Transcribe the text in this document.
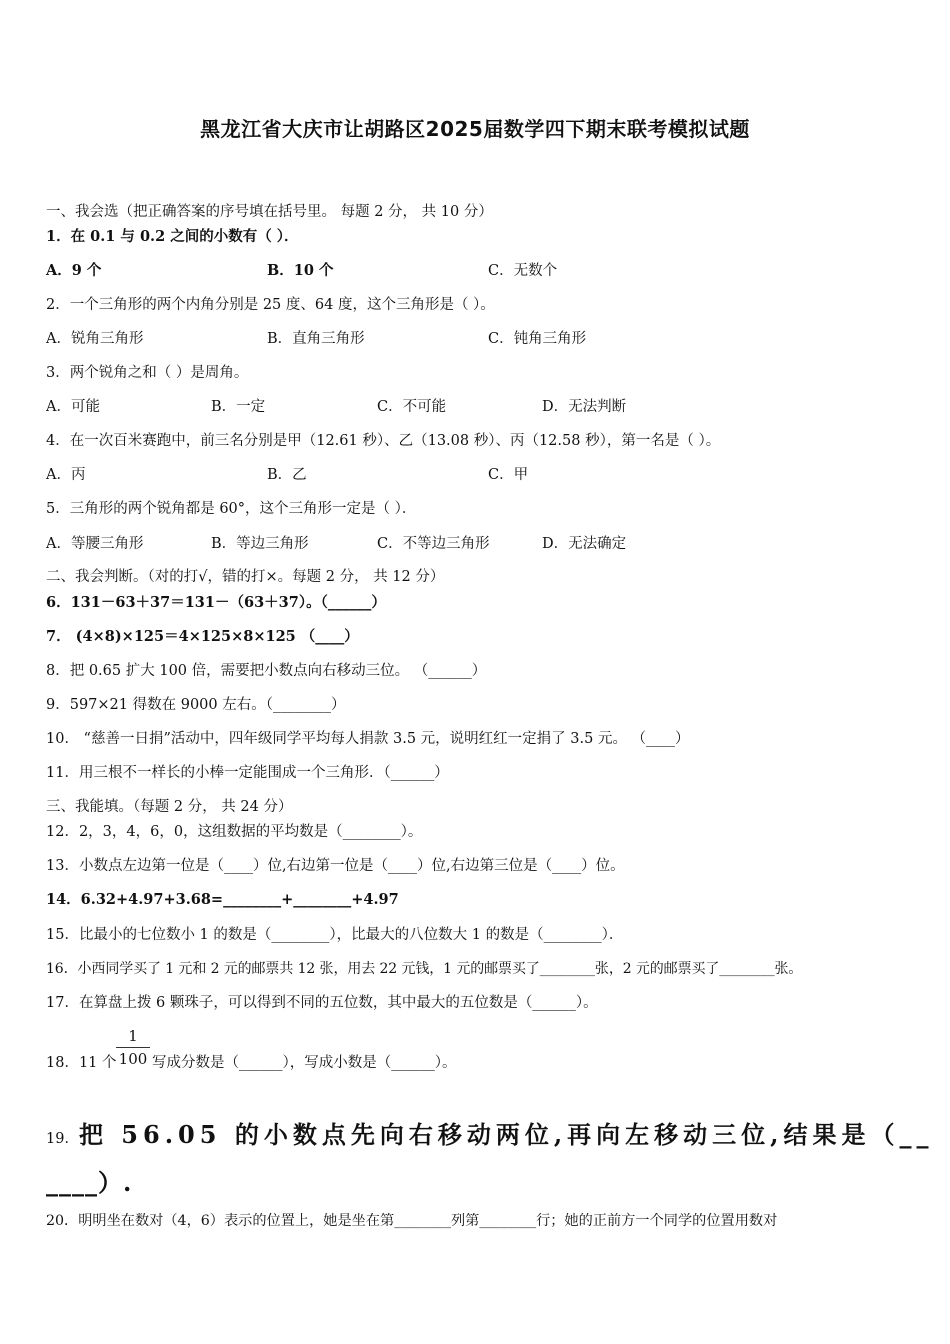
黑龙江省大庆市让胡路区2025届数学四下期末联考模拟试题
一、我会选（把正确答案的序号填在括号里。 每题 2 分， 共 10 分）
1．在 0.1 与 0.2 之间的小数有（ ）．
A．9 个	B．10 个	C．无数个
2．一个三角形的两个内角分别是 25 度、64 度，这个三角形是（ ）。
A．锐角三角形	B．直角三角形	C．钝角三角形
3．两个锐角之和（ ）是周角。
A．可能	B．一定	C．不可能	D．无法判断
4．在一次百米赛跑中，前三名分别是甲（12.61 秒）、乙（13.08 秒）、丙（12.58 秒），第一名是（ ）。
A．丙	B．乙	C．甲
5．三角形的两个锐角都是 60°，这个三角形一定是（ ）．
A．等腰三角形	B．等边三角形	C．不等边三角形	D．无法确定
二、我会判断。（对的打√，错的打×。每题 2 分， 共 12 分）
6．131－63＋37＝131－（63＋37）。（______）
7． (4×8)×125＝4×125×8×125 （____）
8．把 0.65 扩大 100 倍，需要把小数点向右移动三位。 （______）
9．597×21 得数在 9000 左右。（________）
10． “慈善一日捐”活动中，四年级同学平均每人捐款 3.5 元，说明红红一定捐了 3.5 元。 （____）
11．用三根不一样长的小棒一定能围成一个三角形．（______）
三、我能填。（每题 2 分， 共 24 分）
12．2，3，4，6，0，这组数据的平均数是（________）。
13．小数点左边第一位是（____）位,右边第一位是（____）位,右边第三位是（____）位。
14．6.32+4.97+3.68=________+________+4.97
15．比最小的七位数小 1 的数是（________），比最大的八位数大 1 的数是（________）．
16．小西同学买了 1 元和 2 元的邮票共 12 张，用去 22 元钱，1 元的邮票买了________张，2 元的邮票买了________张。
17．在算盘上拨 6 颗珠子，可以得到不同的五位数，其中最大的五位数是（______）。
18．11 个
1
100 写成分数是（______），写成小数是（______）。
19．把 56.05 的小数点先向右移动两位,再向左移动三位,结果是（__
____）.
20．明明坐在数对（4，6）表示的位置上，她是坐在第________列第________行；她的正前方一个同学的位置用数对
